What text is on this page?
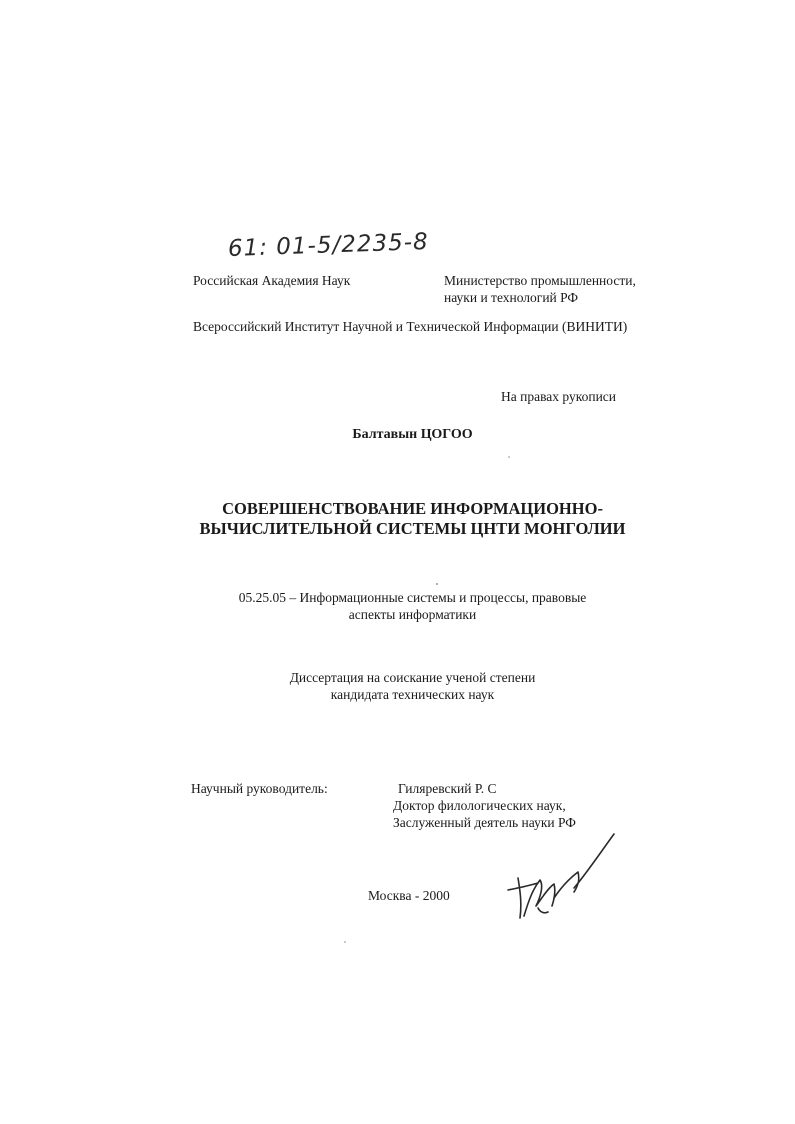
61: 01-5/2235-8
Российская Академия Наук	Министерство промышленности,
науки и технологий РФ
Всероссийский Институт Научной и Технической Информации (ВИНИТИ)
На правах рукописи
Балтавын ЦОГОО
СОВЕРШЕНСТВОВАНИЕ ИНФОРМАЦИОННО-
ВЫЧИСЛИТЕЛЬНОЙ СИСТЕМЫ ЦНТИ МОНГОЛИИ
05.25.05 – Информационные системы и процессы, правовые
аспекты информатики
Диссертация на соискание ученой степени
кандидата технических наук
Научный руководитель:	Гиляревский Р. С
Доктор филологических наук,
Заслуженный деятель науки РФ
Москва - 2000
